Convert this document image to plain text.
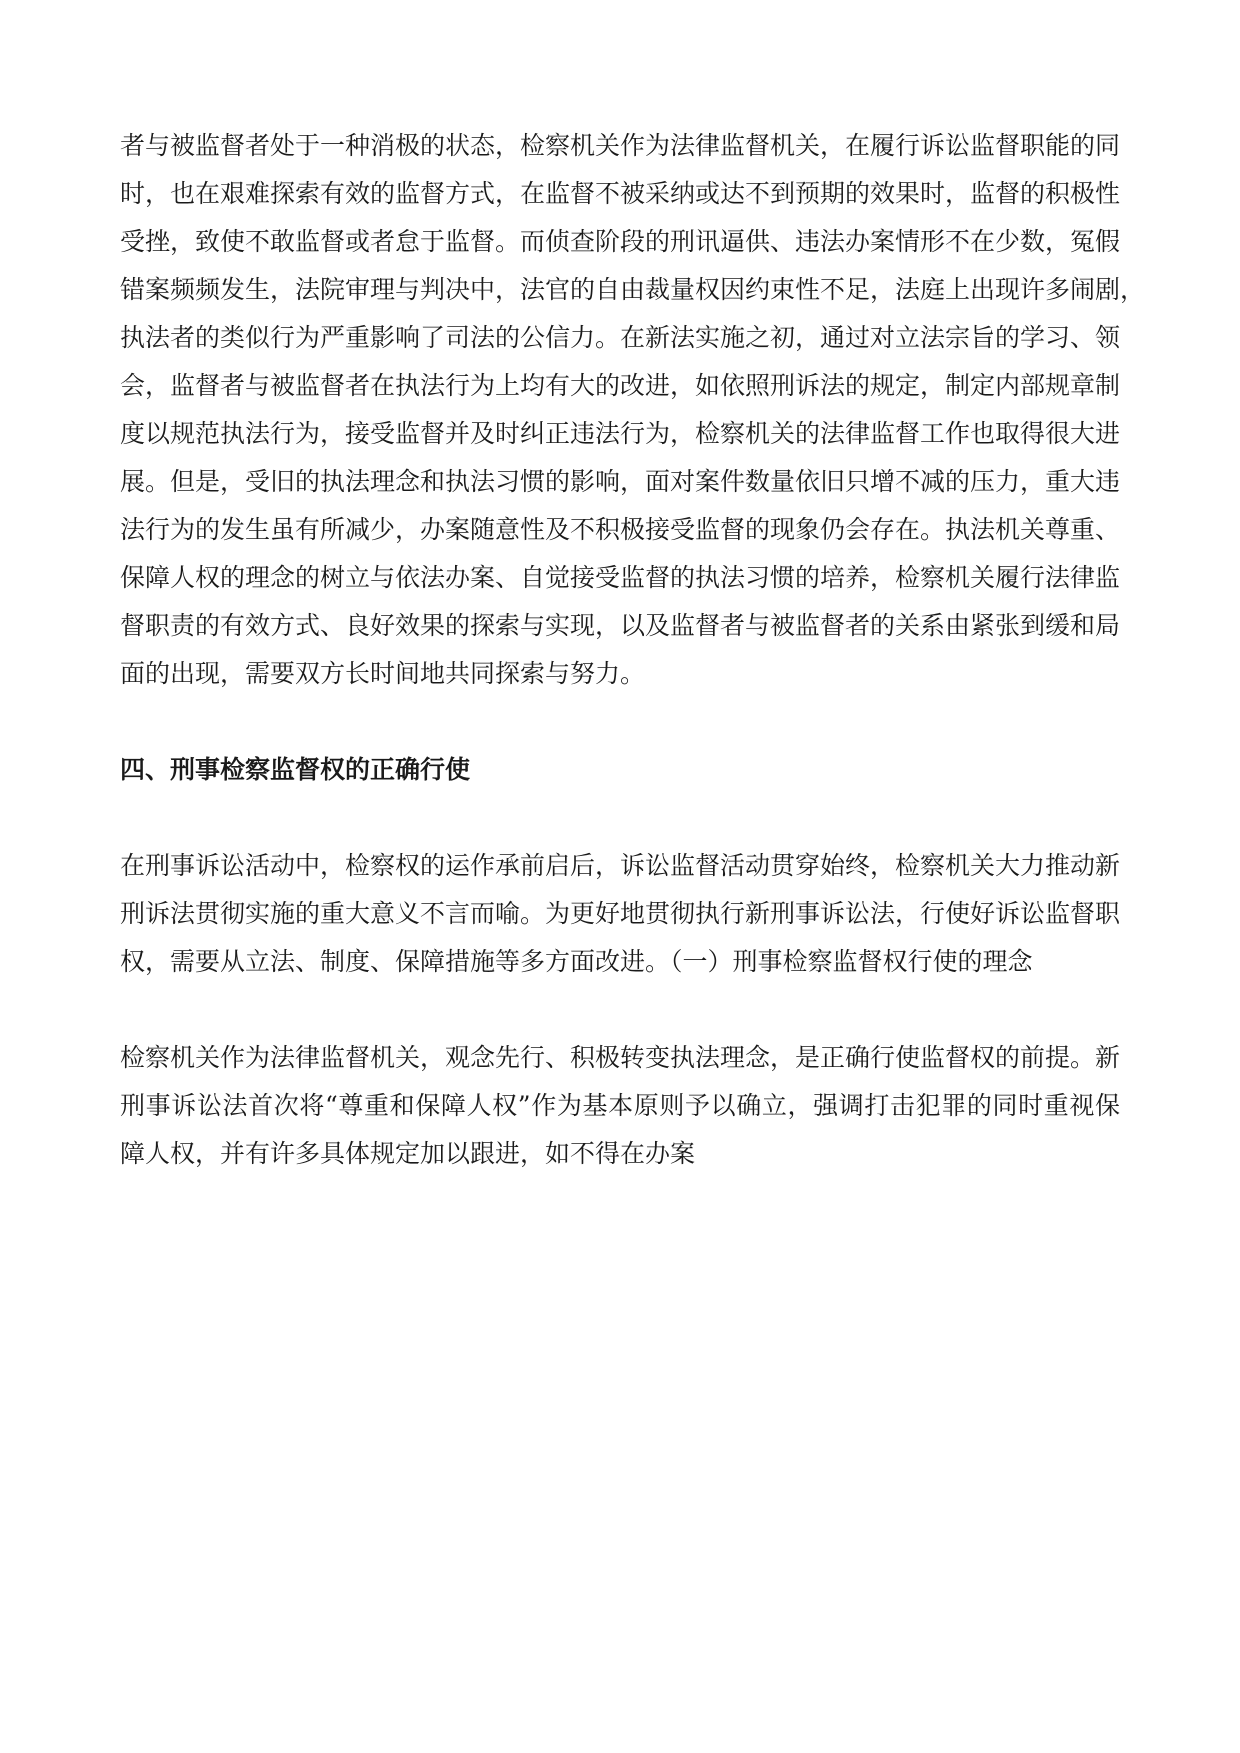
者与被监督者处于一种消极的状态，检察机关作为法律监督机关，在履行诉讼监督职能的同
时，也在艰难探索有效的监督方式，在监督不被采纳或达不到预期的效果时，监督的积极性
受挫，致使不敢监督或者怠于监督。而侦查阶段的刑讯逼供、违法办案情形不在少数，冤假
错案频频发生，法院审理与判决中，法官的自由裁量权因约束性不足，法庭上出现许多闹剧，
执法者的类似行为严重影响了司法的公信力。在新法实施之初，通过对立法宗旨的学习、领
会，监督者与被监督者在执法行为上均有大的改进，如依照刑诉法的规定，制定内部规章制
度以规范执法行为，接受监督并及时纠正违法行为，检察机关的法律监督工作也取得很大进
展。但是，受旧的执法理念和执法习惯的影响，面对案件数量依旧只增不减的压力，重大违
法行为的发生虽有所减少，办案随意性及不积极接受监督的现象仍会存在。执法机关尊重、
保障人权的理念的树立与依法办案、自觉接受监督的执法习惯的培养，检察机关履行法律监
督职责的有效方式、良好效果的探索与实现，以及监督者与被监督者的关系由紧张到缓和局
面的出现，需要双方长时间地共同探索与努力。
四、刑事检察监督权的正确行使
在刑事诉讼活动中，检察权的运作承前启后，诉讼监督活动贯穿始终，检察机关大力推动新
刑诉法贯彻实施的重大意义不言而喻。为更好地贯彻执行新刑事诉讼法，行使好诉讼监督职
权，需要从立法、制度、保障措施等多方面改进。（一）刑事检察监督权行使的理念
检察机关作为法律监督机关，观念先行、积极转变执法理念，是正确行使监督权的前提。新
刑事诉讼法首次将“尊重和保障人权”作为基本原则予以确立，强调打击犯罪的同时重视保
障人权，并有许多具体规定加以跟进，如不得在办案
